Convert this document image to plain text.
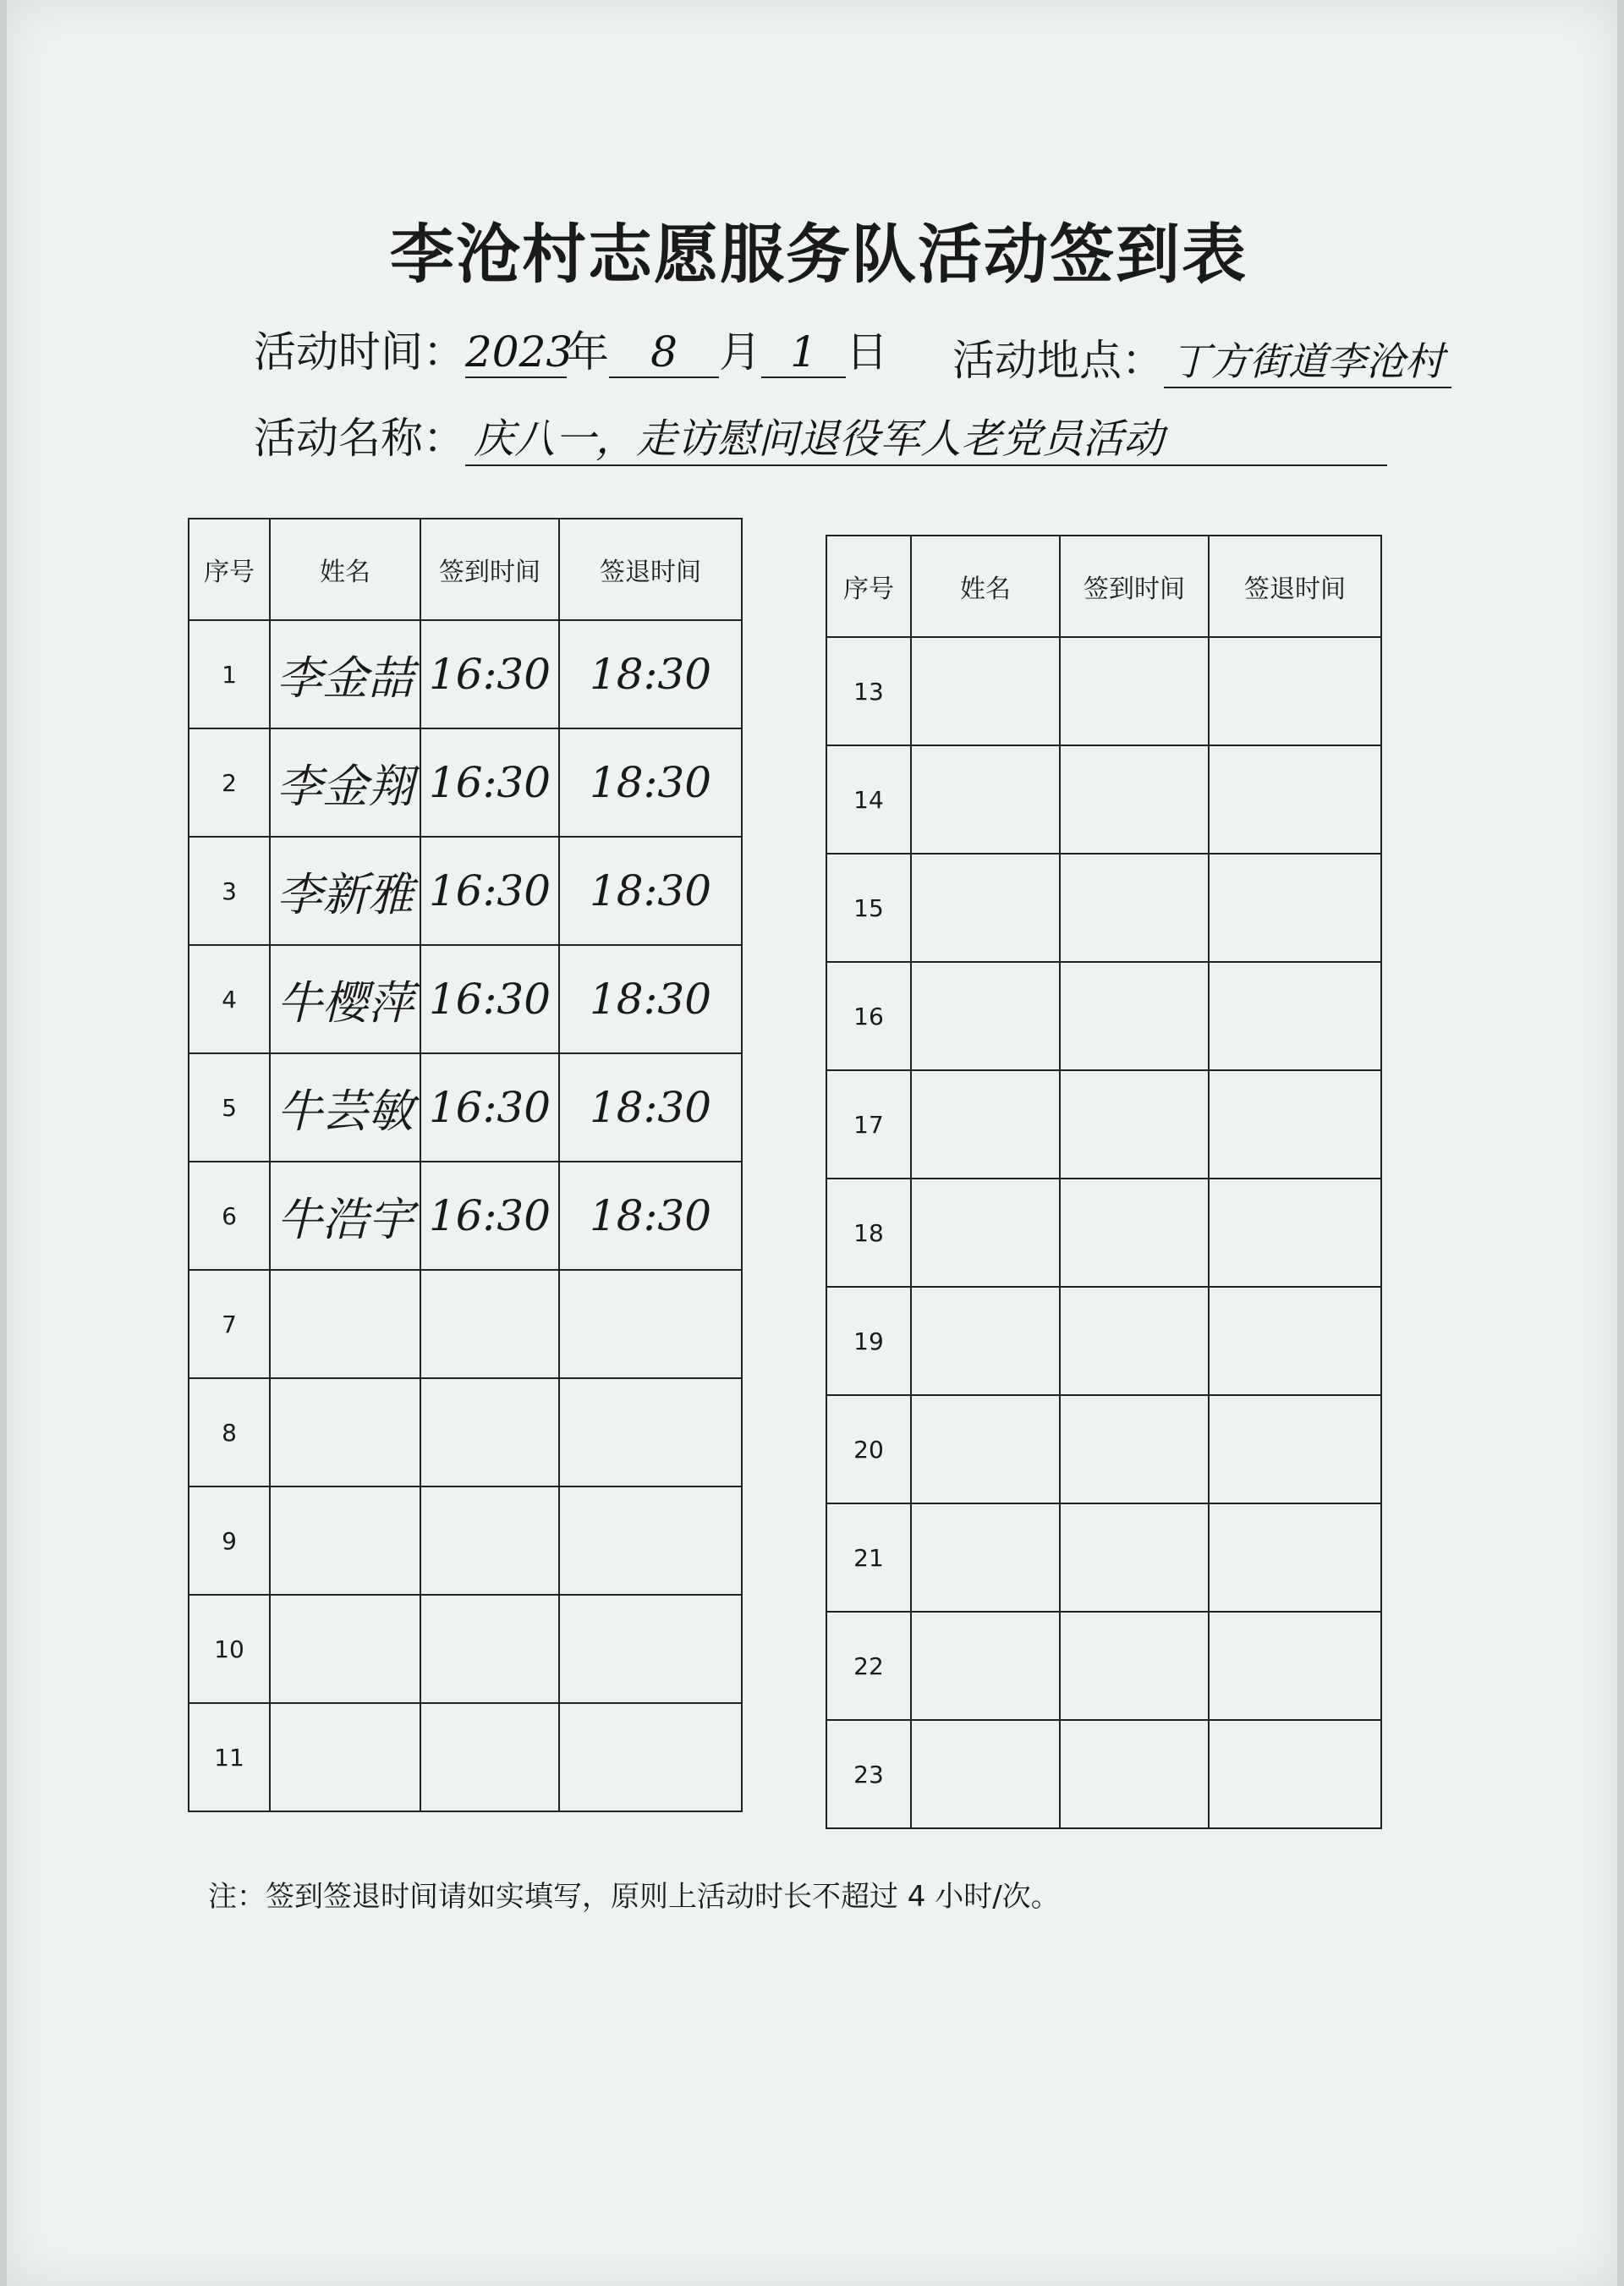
李沧村志愿服务队活动签到表
活动时间：2023年 8 月 1 日 活动地点： 丁方街道李沧村
活动名称： 庆八一，走访慰问退役军人老党员活动
序号	姓名	签到时间	签退时间
1	李金喆	16:30	18:30
2	李金翔	16:30	18:30
3	李新雅	16:30	18:30
4	牛樱萍	16:30	18:30
5	牛芸敏	16:30	18:30
6	牛浩宇	16:30	18:30
7			
8			
9			
10			
11			
序号	姓名	签到时间	签退时间
13			
14			
15			
16			
17			
18			
19			
20			
21			
22			
23			
注：签到签退时间请如实填写，原则上活动时长不超过 4 小时/次。
